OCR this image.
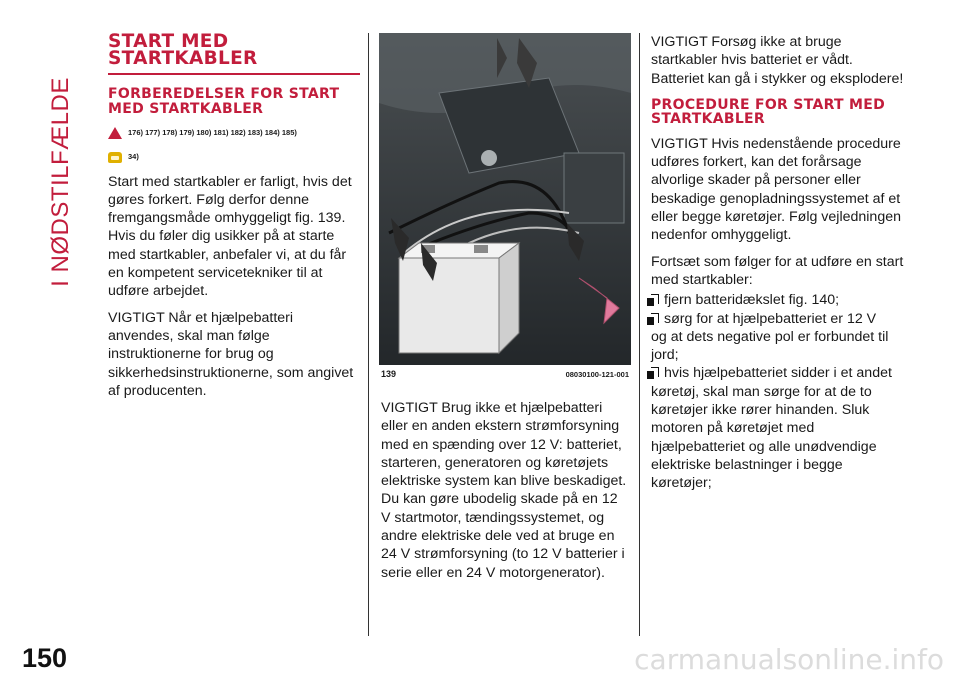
I NØDSTILFÆLDE
START MED STARTKABLER
FORBEREDELSER FOR START MED STARTKABLER
176) 177) 178) 179) 180) 181) 182) 183) 184) 185)
34)

Start med startkabler er farligt, hvis det gøres forkert. Følg derfor denne fremgangsmåde omhyggeligt fig. 139. Hvis du føler dig usikker på at starte med startkabler, anbefaler vi, at du får en kompetent servicetekniker til at udføre arbejdet.

VIGTIGT Når et hjælpebatteri anvendes, skal man følge instruktionerne for brug og sikkerhedsinstruktionerne, som angivet af producenten.

139	08030100-121-001

VIGTIGT Brug ikke et hjælpebatteri eller en anden ekstern strømforsyning med en spænding over 12 V: batteriet, starteren, generatoren og køretøjets elektriske system kan blive beskadiget. Du kan gøre ubodelig skade på en 12 V startmotor, tændingssystemet, og andre elektriske dele ved at bruge en 24 V strømforsyning (to 12 V batterier i serie eller en 24 V motorgenerator).

VIGTIGT Forsøg ikke at bruge startkabler hvis batteriet er vådt. Batteriet kan gå i stykker og eksplodere!

PROCEDURE FOR START MED STARTKABLER

VIGTIGT Hvis nedenstående procedure udføres forkert, kan det forårsage alvorlige skader på personer eller beskadige genopladningssystemet af et eller begge køretøjer. Følg vejledningen nedenfor omhyggeligt.

Fortsæt som følger for at udføre en start med startkabler:

fjern batteridækslet fig. 140;
sørg for at hjælpebatteriet er 12 V
og at dets negative pol er forbundet til jord;
hvis hjælpebatteriet sidder i et andet
køretøj, skal man sørge for at de to køretøjer ikke rører hinanden. Sluk motoren på køretøjet med hjælpebatteriet og alle unødvendige elektriske belastninger i begge køretøjer;
150	carmanualsonline.info
